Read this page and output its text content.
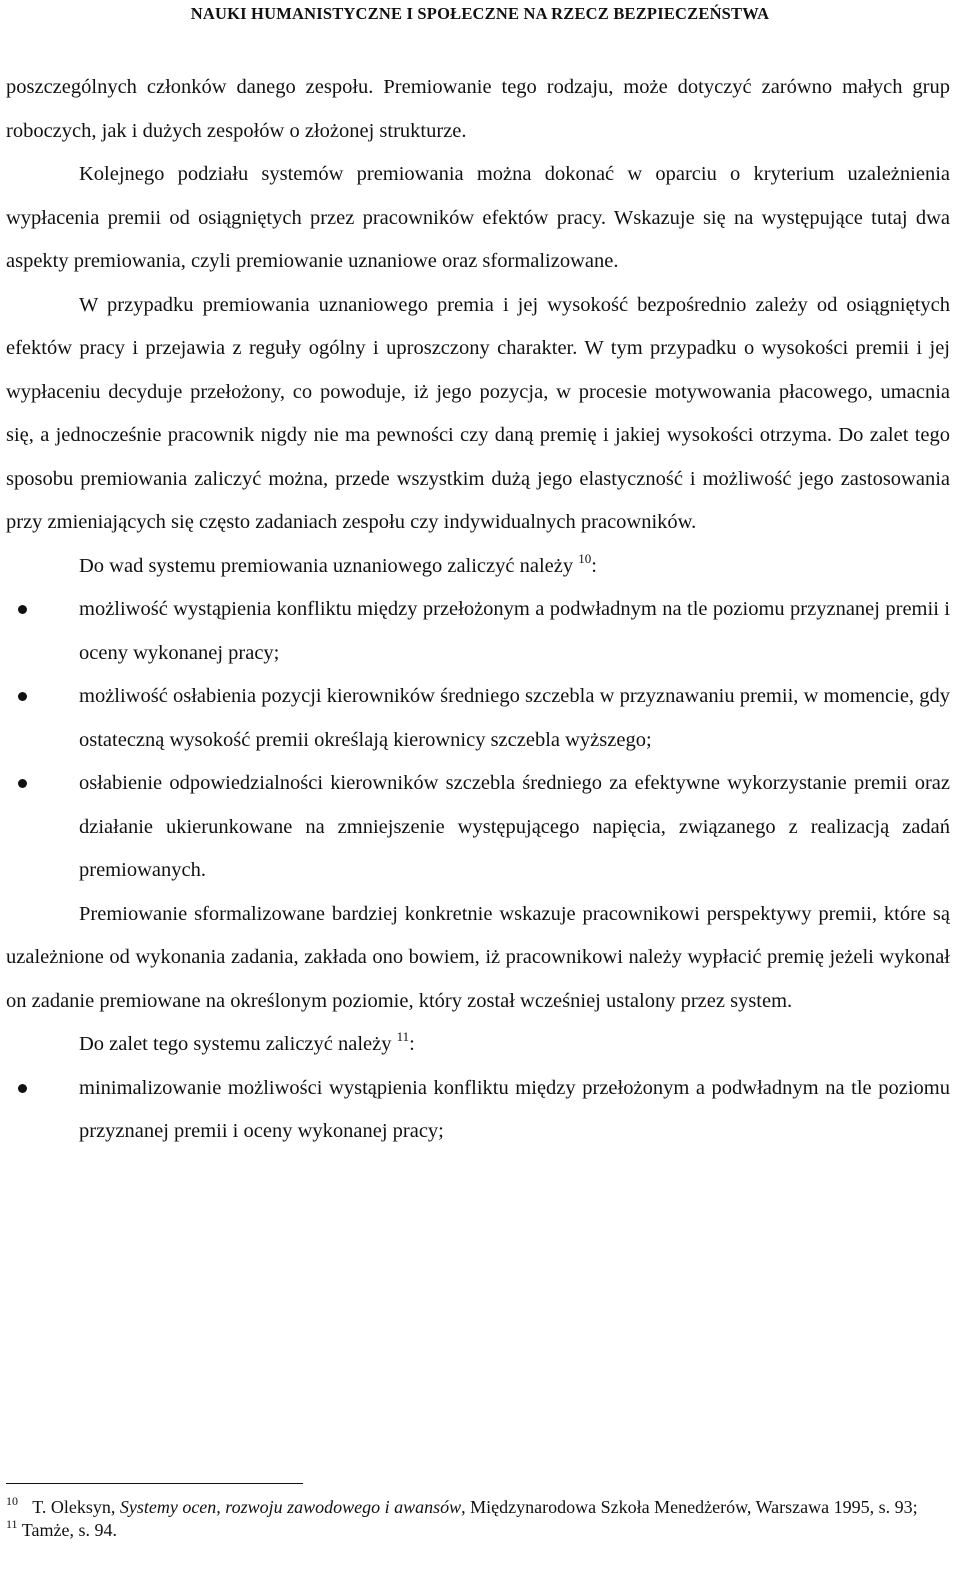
NAUKI HUMANISTYCZNE I SPOŁECZNE NA RZECZ BEZPIECZEŃSTWA

poszczególnych członków danego zespołu. Premiowanie tego rodzaju, może dotyczyć zarówno małych grup roboczych, jak i dużych zespołów o złożonej strukturze.

Kolejnego podziału systemów premiowania można dokonać w oparciu o kryterium uzależnienia wypłacenia premii od osiągniętych przez pracowników efektów pracy. Wskazuje się na występujące tutaj dwa aspekty premiowania, czyli premiowanie uznaniowe oraz sformalizowane.

W przypadku premiowania uznaniowego premia i jej wysokość bezpośrednio zależy od osiągniętych efektów pracy i przejawia z reguły ogólny i uproszczony charakter. W tym przypadku o wysokości premii i jej wypłaceniu decyduje przełożony, co powoduje, iż jego pozycja, w procesie motywowania płacowego, umacnia się, a jednocześnie pracownik nigdy nie ma pewności czy daną premię i jakiej wysokości otrzyma. Do zalet tego sposobu premiowania zaliczyć można, przede wszystkim dużą jego elastyczność i możliwość jego zastosowania przy zmieniających się często zadaniach zespołu czy indywidualnych pracowników.

Do wad systemu premiowania uznaniowego zaliczyć należy $^{10}$:

możliwość wystąpienia konfliktu między przełożonym a podwładnym na tle poziomu przyznanej premii i oceny wykonanej pracy;
możliwość osłabienia pozycji kierowników średniego szczebla w przyznawaniu premii, w momencie, gdy ostateczną wysokość premii określają kierownicy szczebla wyższego;
osłabienie odpowiedzialności kierowników szczebla średniego za efektywne wykorzystanie premii oraz działanie ukierunkowane na zmniejszenie występującego napięcia, związanego z realizacją zadań premiowanych.

Premiowanie sformalizowane bardziej konkretnie wskazuje pracownikowi perspektywy premii, które są uzależnione od wykonania zadania, zakłada ono bowiem, iż pracownikowi należy wypłacić premię jeżeli wykonał on zadanie premiowane na określonym poziomie, który został wcześniej ustalony przez system.

Do zalet tego systemu zaliczyć należy $^{11}$:

minimalizowanie możliwości wystąpienia konfliktu między przełożonym a podwładnym na tle poziomu przyznanej premii i oceny wykonanej pracy;

$^{10}$ T. Oleksyn, Systemy ocen, rozwoju zawodowego i awansów, Międzynarodowa Szkoła Menedżerów, Warszawa 1995, s. 93;

$^{11}$ Tamże, s. 94.
